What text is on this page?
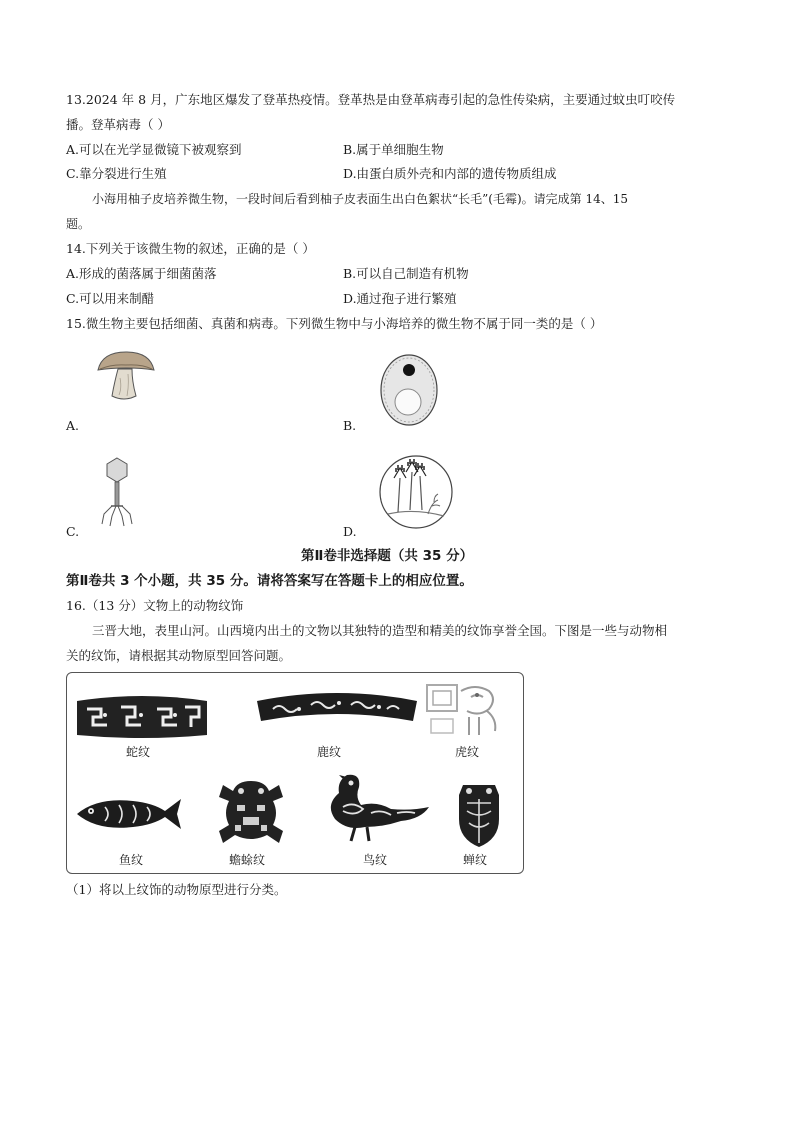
13.2024 年 8 月，广东地区爆发了登革热疫情。登革热是由登革病毒引起的急性传染病，主要通过蚊虫叮咬传
播。登革病毒（ ）
A.可以在光学显微镜下被观察到	B.属于单细胞生物
C.靠分裂进行生殖	D.由蛋白质外壳和内部的遗传物质组成
小海用柚子皮培养微生物，一段时间后看到柚子皮表面生出白色絮状“长毛”(毛霉)。请完成第 14、15
题。
14.下列关于该微生物的叙述，正确的是（ ）
A.形成的菌落属于细菌菌落	B.可以自己制造有机物
C.可以用来制醋	D.通过孢子进行繁殖
15.微生物主要包括细菌、真菌和病毒。下列微生物中与小海培养的微生物不属于同一类的是（ ）
A.	B.
C.	D.
第Ⅱ卷非选择题（共 35 分）
第Ⅱ卷共 3 个小题，共 35 分。请将答案写在答题卡上的相应位置。
16.（13 分）文物上的动物纹饰
三晋大地，表里山河。山西境内出土的文物以其独特的造型和精美的纹饰享誉全国。下图是一些与动物相
关的纹饰，请根据其动物原型回答问题。
蛇纹	鹿纹	虎纹
鱼纹	蟾蜍纹	鸟纹	蝉纹
（1）将以上纹饰的动物原型进行分类。
